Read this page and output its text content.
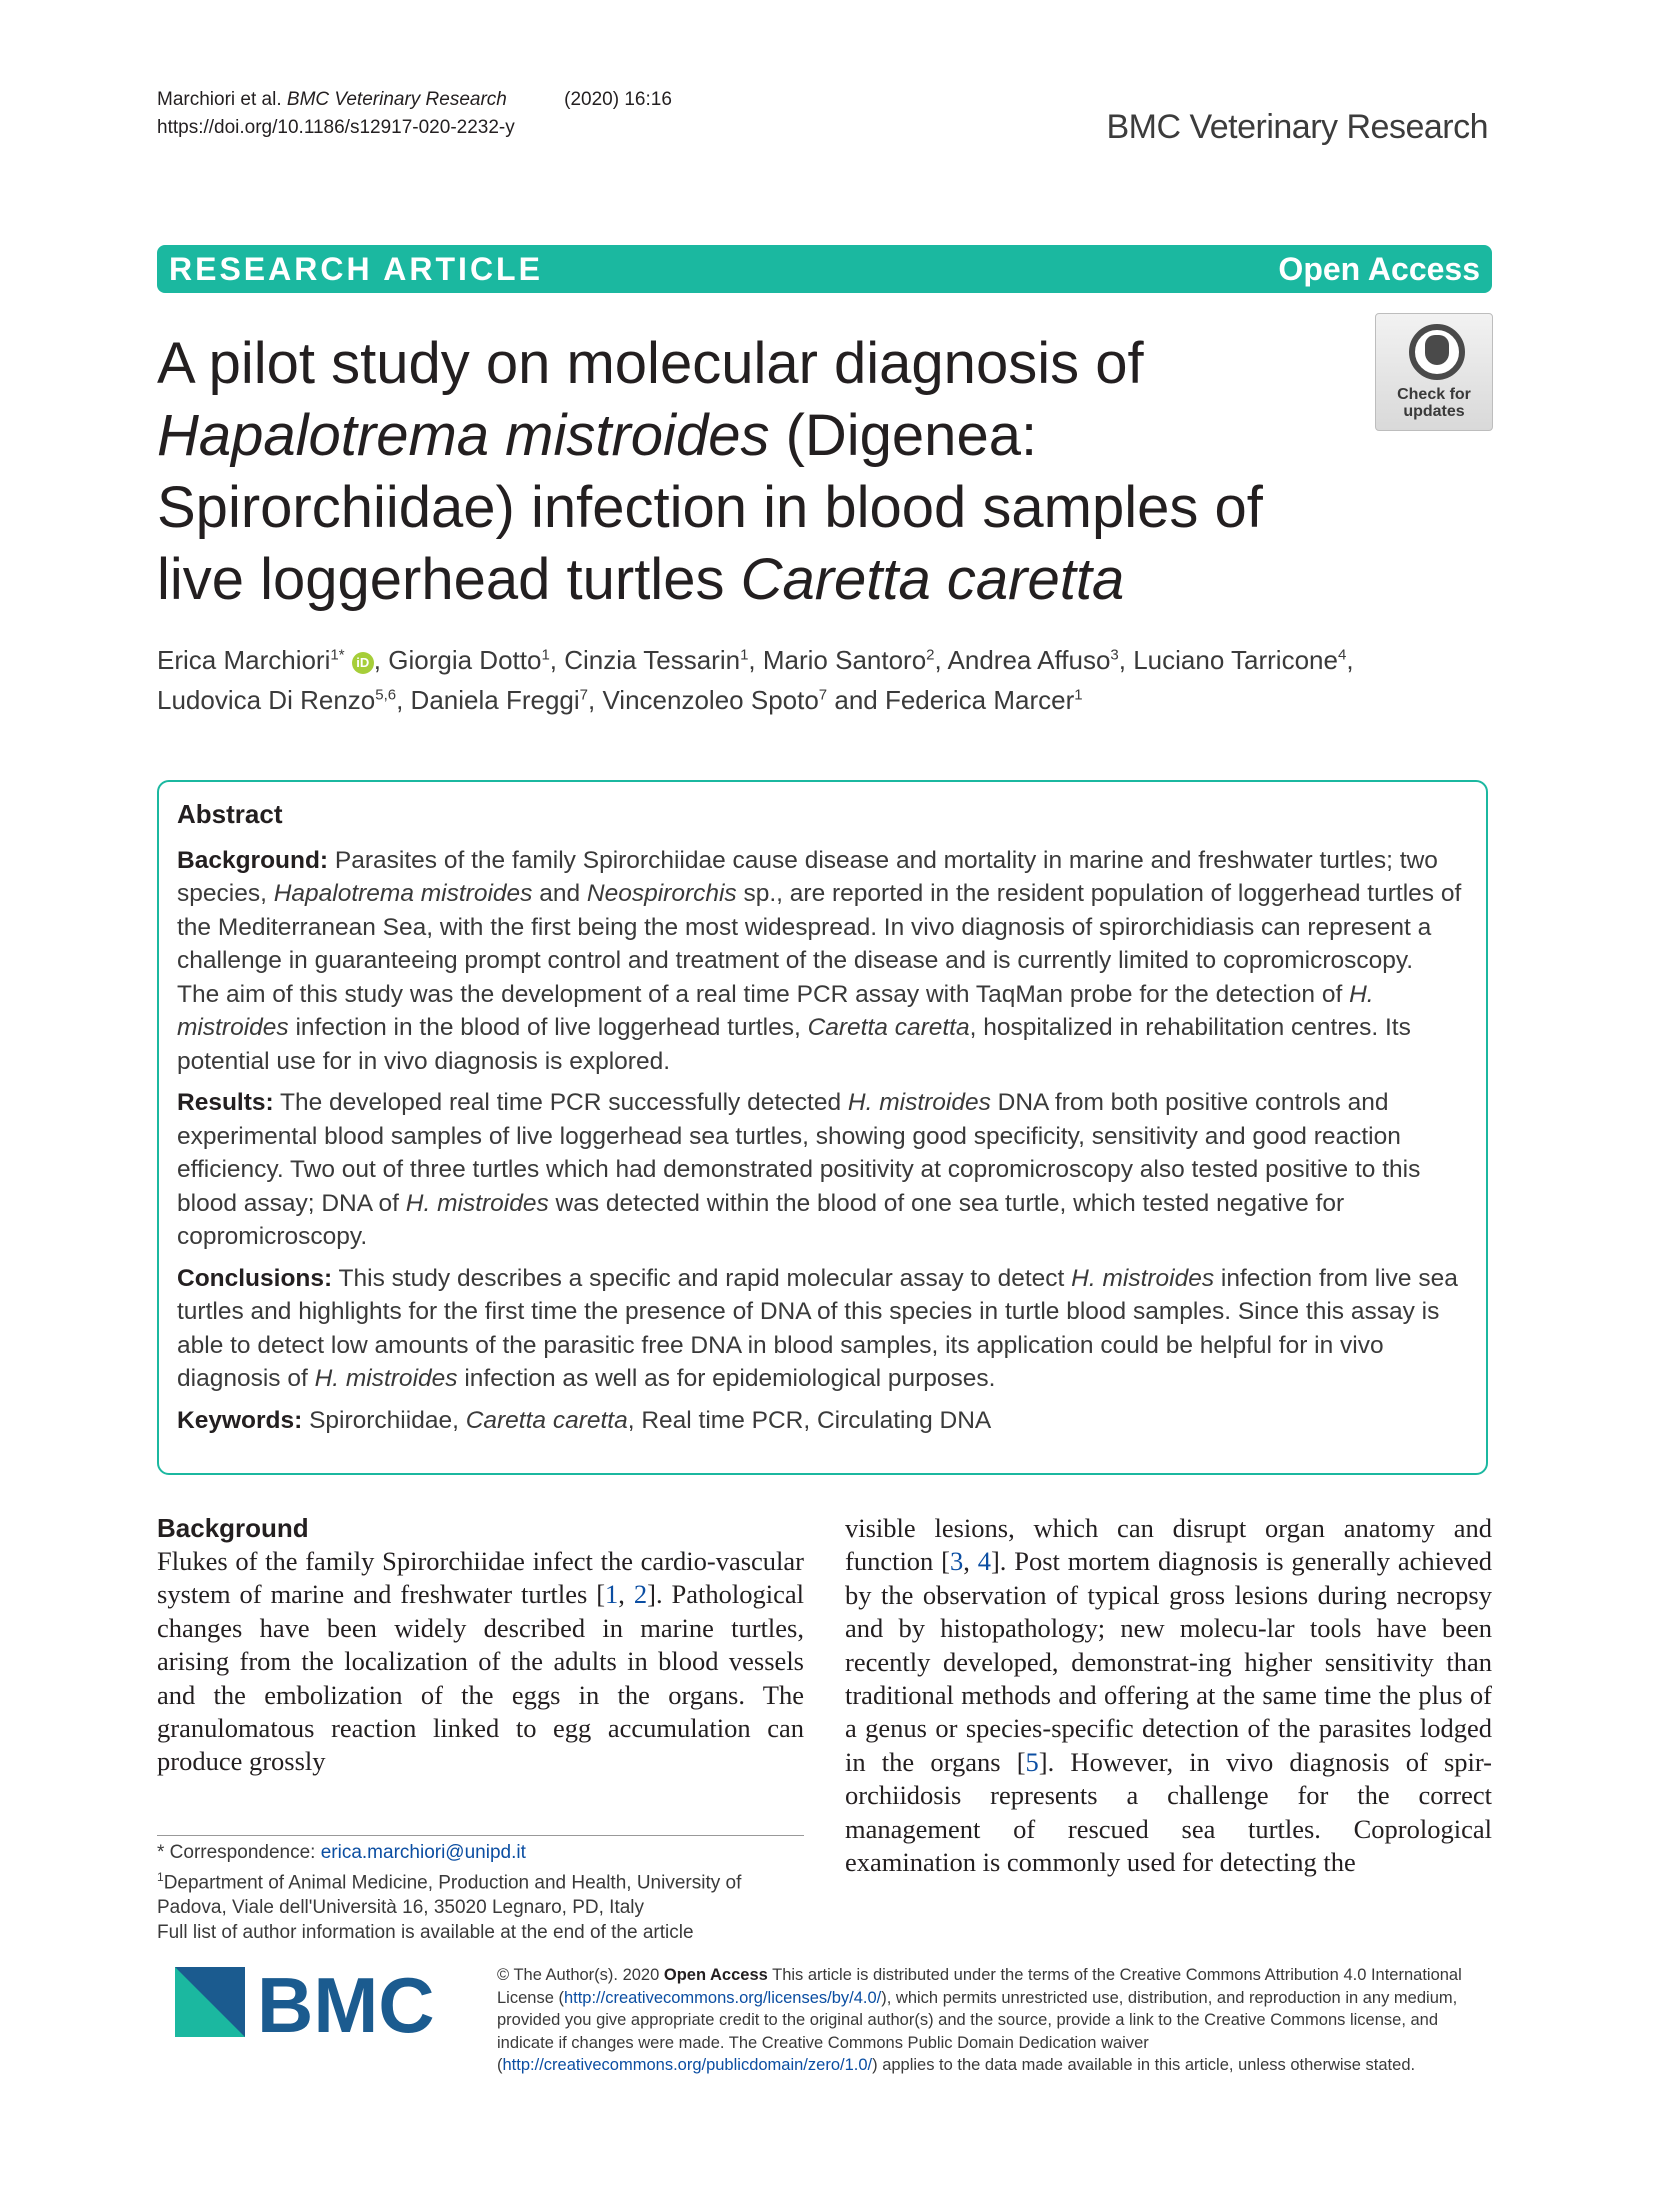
Marchiori et al. BMC Veterinary Research	(2020) 16:16
https://doi.org/10.1186/s12917-020-2232-y	BMC Veterinary Research
RESEARCH ARTICLE	Open Access
A pilot study on molecular diagnosis of Hapalotrema mistroides (Digenea: Spirorchiidae) infection in blood samples of live loggerhead turtles Caretta caretta
Check for updates
Erica Marchiori$^{1*}$ iD , Giorgia Dotto$^1$, Cinzia Tessarin$^1$, Mario Santoro$^2$, Andrea Affuso$^3$, Luciano Tarricone$^4$,
Ludovica Di Renzo$^{5,6}$, Daniela Freggi$^7$, Vincenzoleo Spoto$^7$ and Federica Marcer$^1$
Abstract

Background: Parasites of the family Spirorchiidae cause disease and mortality in marine and freshwater turtles; two species, Hapalotrema mistroides and Neospirorchis sp., are reported in the resident population of loggerhead turtles of the Mediterranean Sea, with the first being the most widespread. In vivo diagnosis of spirorchidiasis can represent a challenge in guaranteeing prompt control and treatment of the disease and is currently limited to copromicroscopy.
The aim of this study was the development of a real time PCR assay with TaqMan probe for the detection of H. mistroides infection in the blood of live loggerhead turtles, Caretta caretta, hospitalized in rehabilitation centres. Its potential use for in vivo diagnosis is explored.

Results: The developed real time PCR successfully detected H. mistroides DNA from both positive controls and experimental blood samples of live loggerhead sea turtles, showing good specificity, sensitivity and good reaction efficiency. Two out of three turtles which had demonstrated positivity at copromicroscopy also tested positive to this blood assay; DNA of H. mistroides was detected within the blood of one sea turtle, which tested negative for copromicroscopy.

Conclusions: This study describes a specific and rapid molecular assay to detect H. mistroides infection from live sea turtles and highlights for the first time the presence of DNA of this species in turtle blood samples. Since this assay is able to detect low amounts of the parasitic free DNA in blood samples, its application could be helpful for in vivo diagnosis of H. mistroides infection as well as for epidemiological purposes.

Keywords: Spirorchiidae, Caretta caretta, Real time PCR, Circulating DNA

Background

Flukes of the family Spirorchiidae infect the cardio-vascular system of marine and freshwater turtles [1, 2]. Pathological changes have been widely described in marine turtles, arising from the localization of the adults in blood vessels and the embolization of the eggs in the organs. The granulomatous reaction linked to egg accumulation can produce grossly

visible lesions, which can disrupt organ anatomy and function [3, 4]. Post mortem diagnosis is generally achieved by the observation of typical gross lesions during necropsy and by histopathology; new molecu-lar tools have been recently developed, demonstrat-ing higher sensitivity than traditional methods and offering at the same time the plus of a genus or species-specific detection of the parasites lodged in the organs [5]. However, in vivo diagnosis of spir-orchiidosis represents a challenge for the correct management of rescued sea turtles. Coprological examination is commonly used for detecting the

* Correspondence: erica.marchiori@unipd.it
$^1$Department of Animal Medicine, Production and Health, University of Padova, Viale dell'Università 16, 35020 Legnaro, PD, Italy
Full list of author information is available at the end of the article
BMC	© The Author(s). 2020 Open Access This article is distributed under the terms of the Creative Commons Attribution 4.0 International License (http://creativecommons.org/licenses/by/4.0/), which permits unrestricted use, distribution, and reproduction in any medium, provided you give appropriate credit to the original author(s) and the source, provide a link to the Creative Commons license, and indicate if changes were made. The Creative Commons Public Domain Dedication waiver (http://creativecommons.org/publicdomain/zero/1.0/) applies to the data made available in this article, unless otherwise stated.
